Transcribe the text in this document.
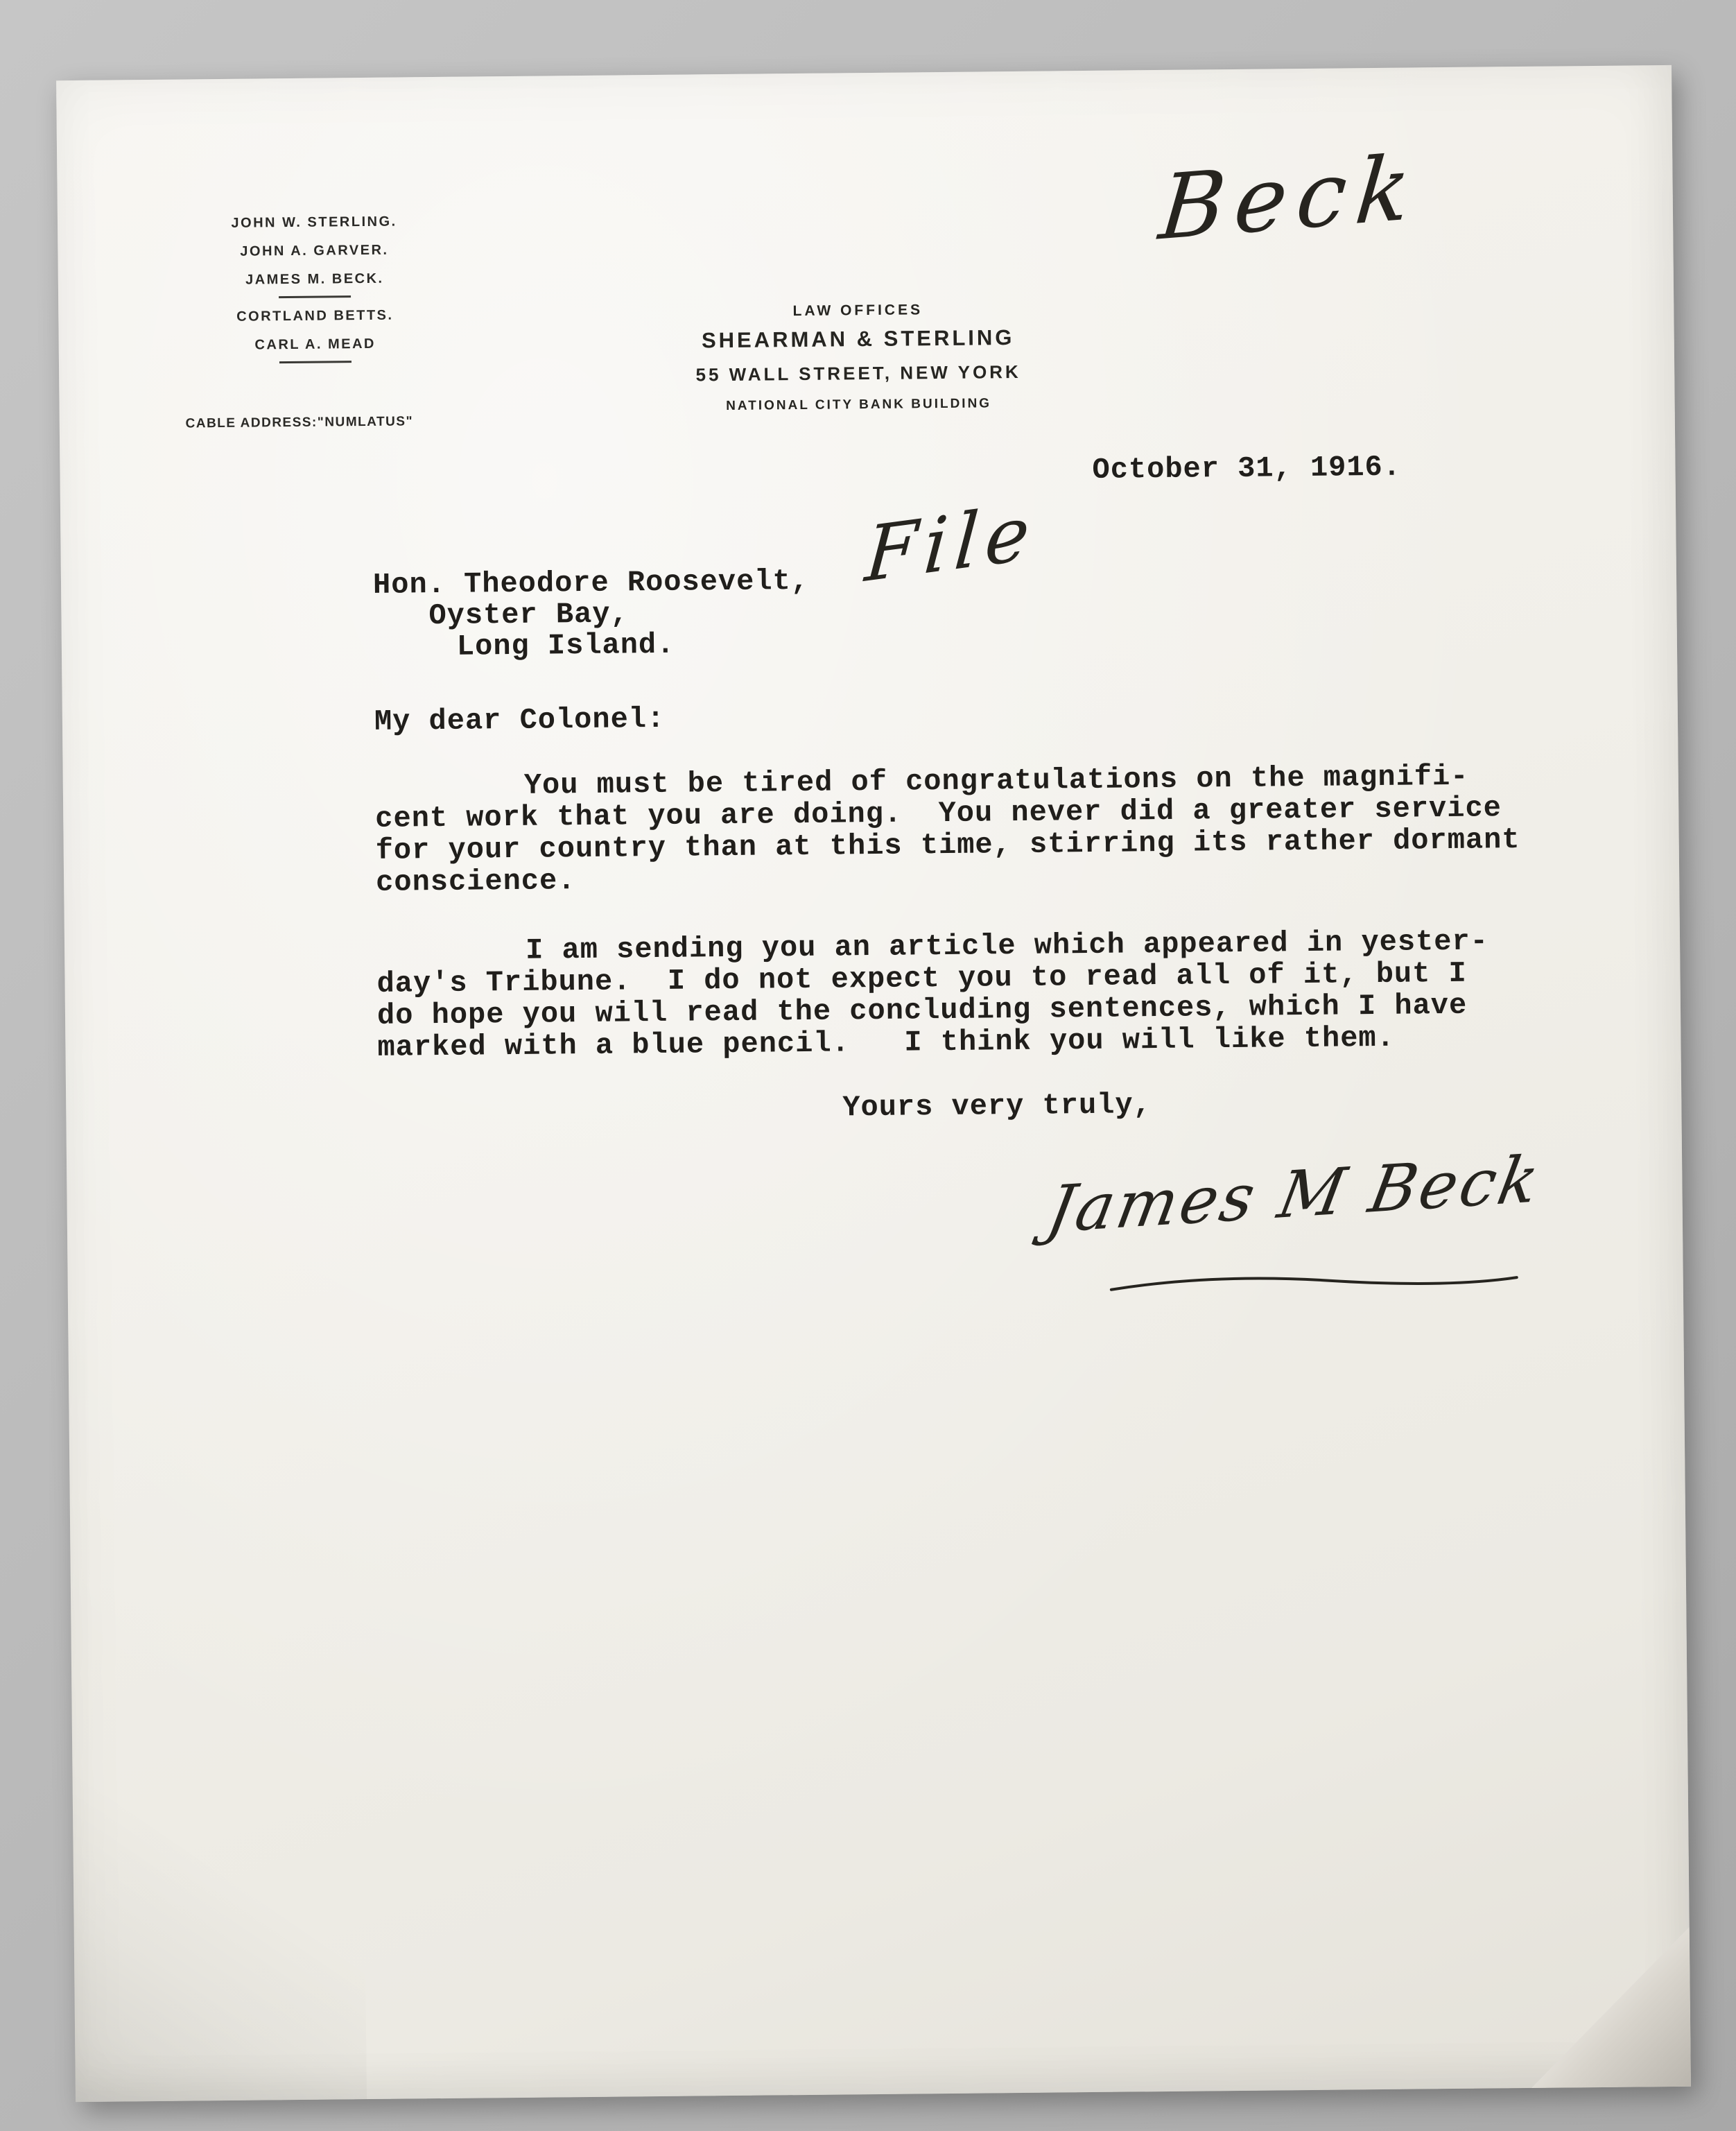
Beck
JOHN W. STERLING.
JOHN A. GARVER.
JAMES M. BECK.
CORTLAND BETTS.
CARL A. MEAD
CABLE ADDRESS:"NUMLATUS"
LAW OFFICES
SHEARMAN & STERLING
55 WALL STREET, NEW YORK
NATIONAL CITY BANK BUILDING
October 31, 1916.
File
Hon. Theodore Roosevelt,
Oyster Bay,
Long Island.
My dear Colonel:
You must be tired of congratulations on the magnifi-
cent work that you are doing.  You never did a greater service
for your country than at this time, stirring its rather dormant
conscience.
I am sending you an article which appeared in yester-
day's Tribune.  I do not expect you to read all of it, but I
do hope you will read the concluding sentences, which I have
marked with a blue pencil.   I think you will like them.
Yours very truly,
James M Beck
